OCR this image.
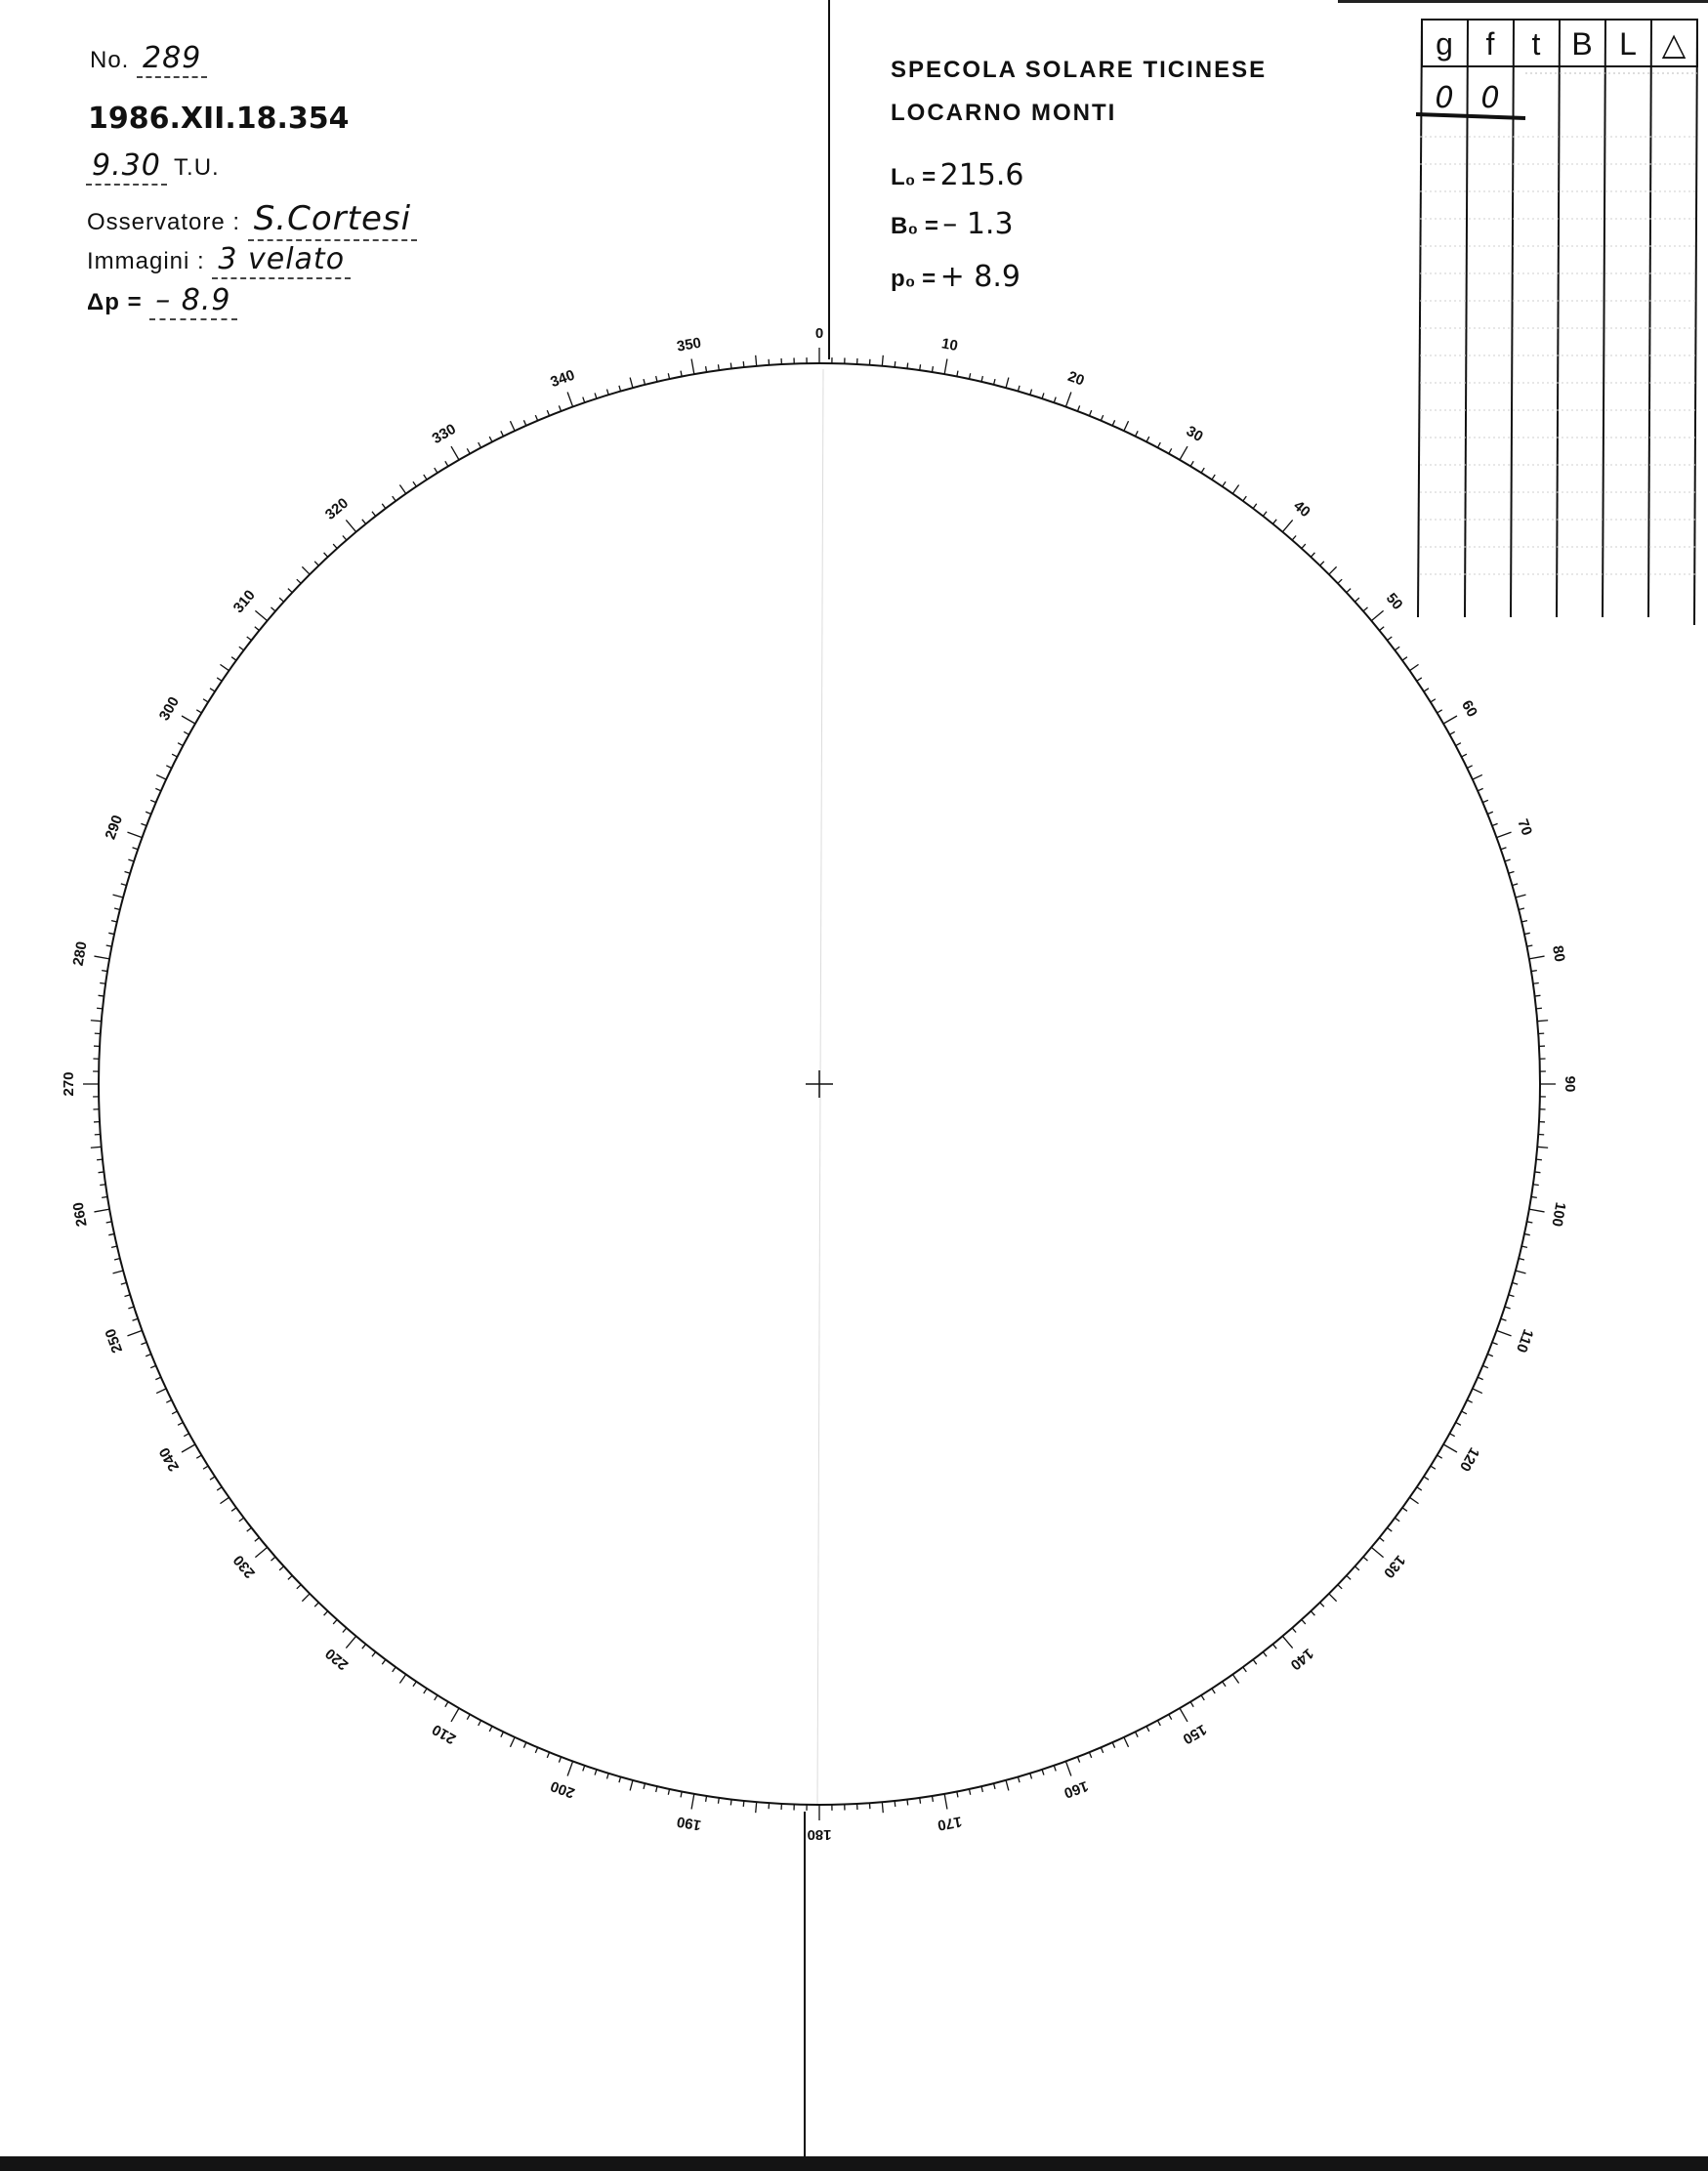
No. 289
1986.XII.18.354
9.30 T.U.
Osservatore : S.Cortesi
Immagini : 3 velato
Δp = – 8.9
SPECOLA SOLARE TICINESE
LOCARNO MONTI
L₀ = 215.6
B₀ = – 1.3
p₀ = + 8.9
0
10
20
30
40
50
60
70
80
90
100
110
120
130
140
150
160
170
180
190
200
210
220
230
240
250
260
270
280
290
300
310
320
330
340
350
g f t B L △
0 0
